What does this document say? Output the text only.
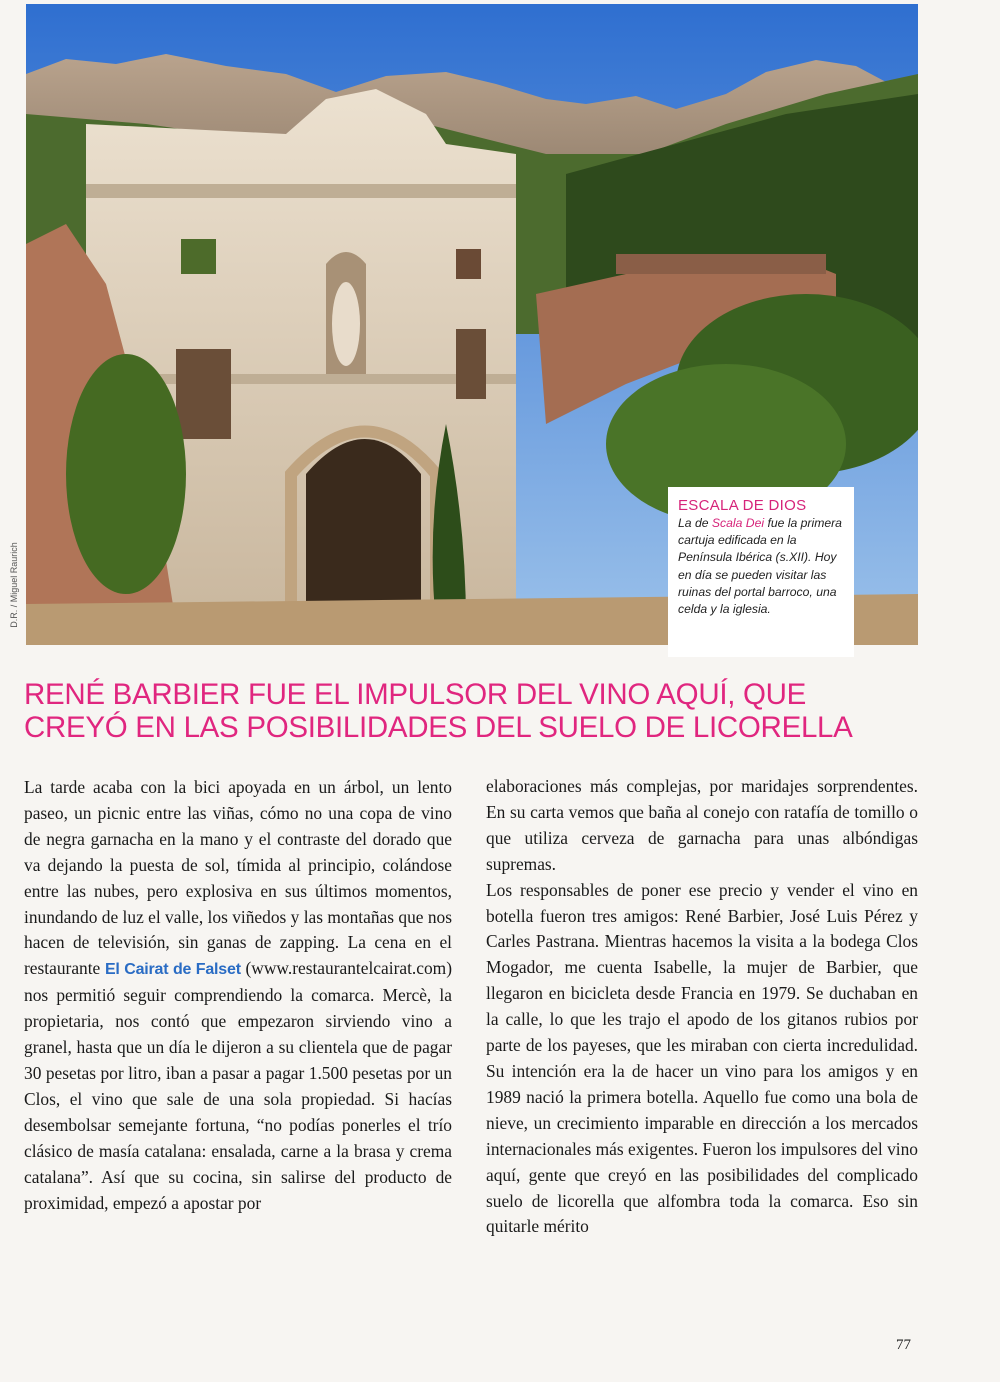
D.R. / Miguel Raurich
ESCALA DE DIOS
La de Scala Dei fue la primera cartuja edificada en la Península Ibérica (s.XII). Hoy en día se pueden visitar las ruinas del portal barroco, una celda y la iglesia.
RENÉ BARBIER FUE EL IMPULSOR DEL VINO AQUÍ, QUE
CREYÓ EN LAS POSIBILIDADES DEL SUELO DE LICORELLA

La tarde acaba con la bici apoyada en un árbol, un lento paseo, un picnic entre las viñas, cómo no una copa de vino de negra garnacha en la mano y el contraste del dorado que va dejando la puesta de sol, tímida al principio, colándose entre las nubes, pero explosiva en sus últimos momentos, inundando de luz el valle, los viñedos y las montañas que nos hacen de televisión, sin ganas de zapping. La cena en el restaurante El Cairat de Falset (www.restaurantelcairat.com) nos permitió seguir comprendiendo la comarca. Mercè, la propietaria, nos contó que empezaron sirviendo vino a granel, hasta que un día le dijeron a su clientela que de pagar 30 pesetas por litro, iban a pasar a pagar 1.500 pesetas por un Clos, el vino que sale de una sola propiedad. Si hacías desembolsar semejante fortuna, “no podías ponerles el trío clásico de masía catalana: ensalada, carne a la brasa y crema catalana”. Así que su cocina, sin salirse del producto de proximidad, empezó a apostar por

elaboraciones más complejas, por maridajes sorprendentes. En su carta vemos que baña al conejo con ratafía de tomillo o que utiliza cerveza de garnacha para unas albóndigas supremas.

Los responsables de poner ese precio y vender el vino en botella fueron tres amigos: René Barbier, José Luis Pérez y Carles Pastrana. Mientras hacemos la visita a la bodega Clos Mogador, me cuenta Isabelle, la mujer de Barbier, que llegaron en bicicleta desde Francia en 1979. Se duchaban en la calle, lo que les trajo el apodo de los gitanos rubios por parte de los payeses, que les miraban con cierta incredulidad. Su intención era la de hacer un vino para los amigos y en 1989 nació la primera botella. Aquello fue como una bola de nieve, un crecimiento imparable en dirección a los mercados internacionales más exigentes. Fueron los impulsores del vino aquí, gente que creyó en las posibilidades del complicado suelo de licorella que alfombra toda la comarca. Eso sin quitarle mérito

77
